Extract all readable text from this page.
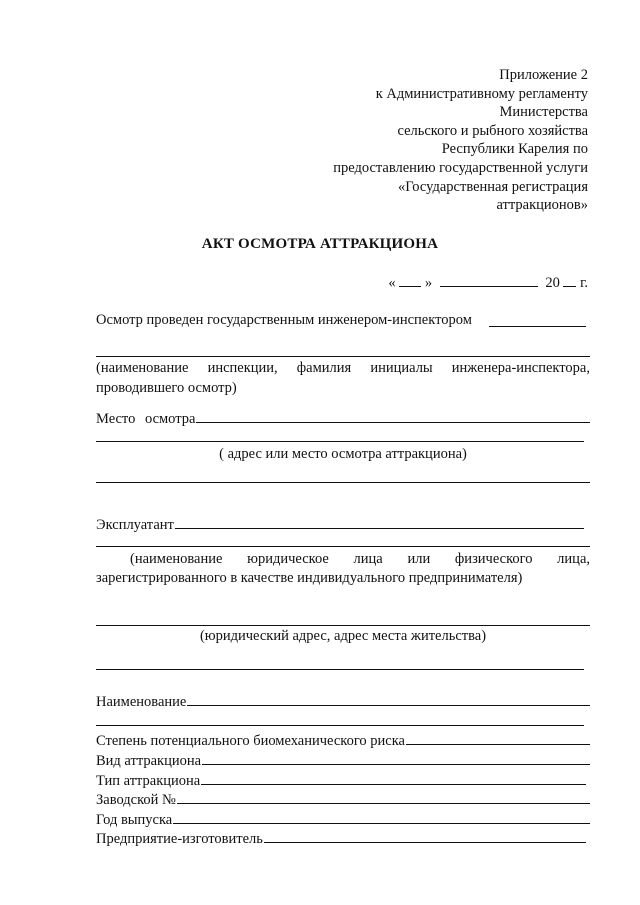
Приложение 2
к Административному регламенту
Министерства
сельского и рыбного хозяйства
Республики Карелия по
предоставлению государственной услуги
«Государственная регистрация
аттракционов»
АКТ ОСМОТРА АТТРАКЦИОНА
« »	20 г.
Осмотр проведен государственным инженером-инспектором
(наименование инспекции, фамилия инициалы инженера-инспектора,
проводившего осмотр)
Место осмотра
( адрес или место осмотра аттракциона)
Эксплуатант
(наименование юридическое лица или физического лица,
зарегистрированного в качестве индивидуального предпринимателя)
(юридический адрес, адрес места жительства)
Наименование
Степень потенциального биомеханического риска
Вид аттракциона
Тип аттракциона
Заводской №
Год выпуска
Предприятие-изготовитель
